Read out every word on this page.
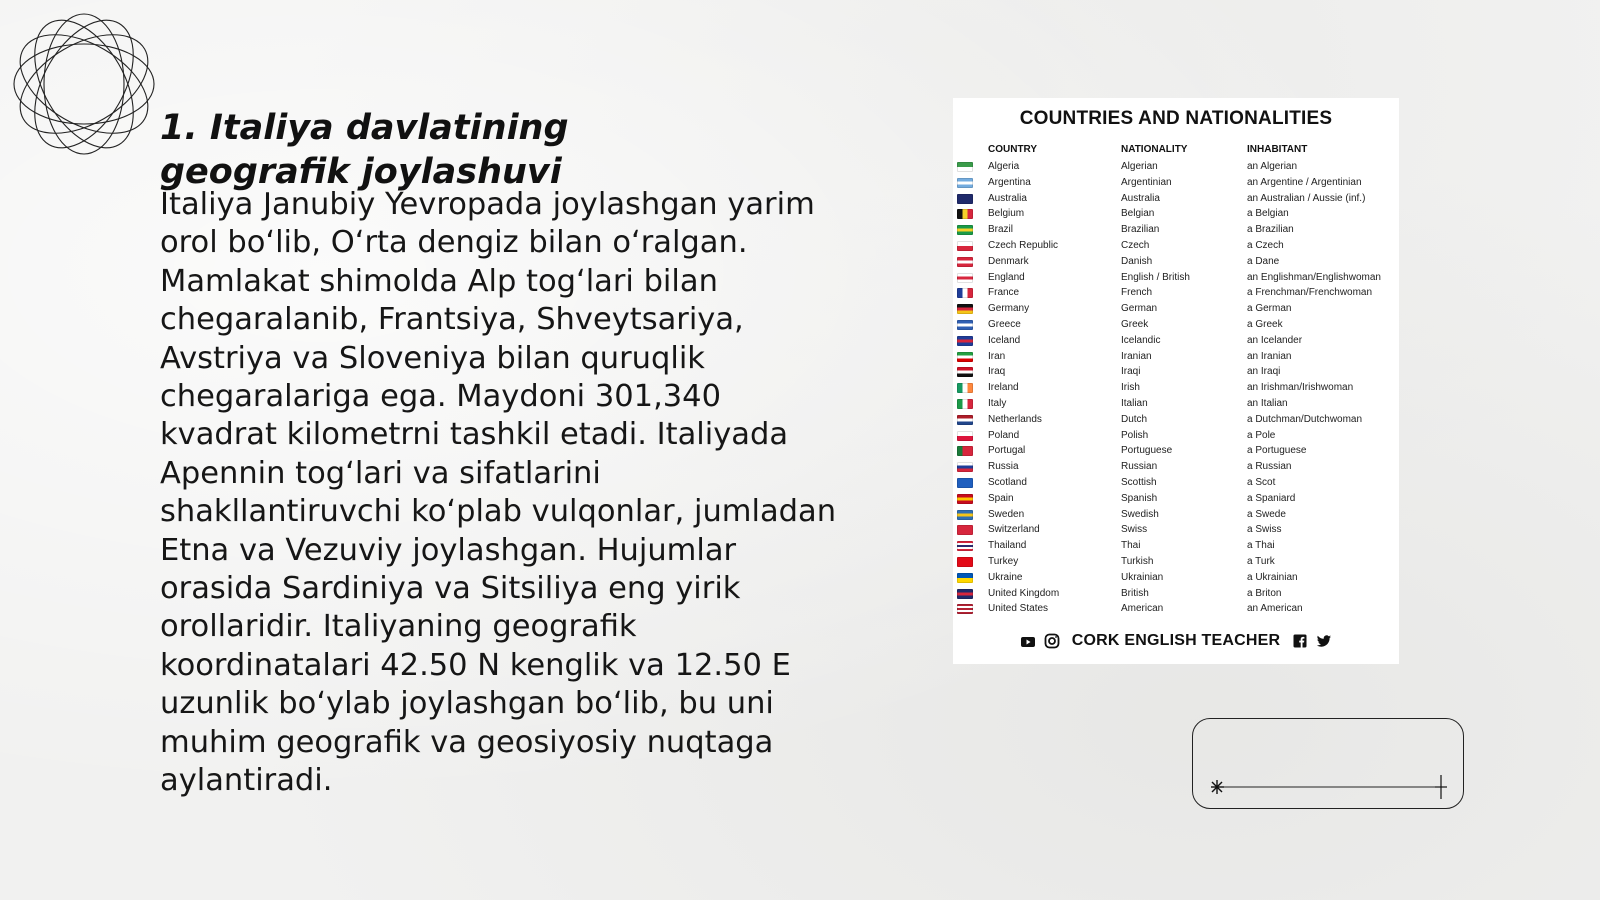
1. Italiya davlatining geografik joylashuvi

Italiya Janubiy Yevropada joylashgan yarim orol bo‘lib, O‘rta dengiz bilan o‘ralgan. Mamlakat shimolda Alp tog‘lari bilan chegaralanib, Frantsiya, Shveytsariya, Avstriya va Sloveniya bilan quruqlik chegaralariga ega. Maydoni 301,340 kvadrat kilometrni tashkil etadi. Italiyada Apennin tog‘lari va sifatlarini shakllantiruvchi ko‘plab vulqonlar, jumladan Etna va Vezuviy joylashgan. Hujumlar orasida Sardiniya va Sitsiliya eng yirik orollaridir. Italiyaning geografik koordinatalari 42.50 N kenglik va 12.50 E uzunlik bo‘ylab joylashgan bo‘lib, bu uni muhim geografik va geosiyosiy nuqtaga aylantiradi.

COUNTRIES AND NATIONALITIES
COUNTRY	NATIONALITY	INHABITANT
Algeria	Algerian	an Algerian
Argentina	Argentinian	an Argentine / Argentinian
Australia	Australia	an Australian / Aussie (inf.)
Belgium	Belgian	a Belgian
Brazil	Brazilian	a Brazilian
Czech Republic	Czech	a Czech
Denmark	Danish	a Dane
England	English / British	an Englishman/Englishwoman
France	French	a Frenchman/Frenchwoman
Germany	German	a German
Greece	Greek	a Greek
Iceland	Icelandic	an Icelander
Iran	Iranian	an Iranian
Iraq	Iraqi	an Iraqi
Ireland	Irish	an Irishman/Irishwoman
Italy	Italian	an Italian
Netherlands	Dutch	a Dutchman/Dutchwoman
Poland	Polish	a Pole
Portugal	Portuguese	a Portuguese
Russia	Russian	a Russian
Scotland	Scottish	a Scot
Spain	Spanish	a Spaniard
Sweden	Swedish	a Swede
Switzerland	Swiss	a Swiss
Thailand	Thai	a Thai
Turkey	Turkish	a Turk
Ukraine	Ukrainian	a Ukrainian
United Kingdom	British	a Briton
United States	American	an American
CORK ENGLISH TEACHER
